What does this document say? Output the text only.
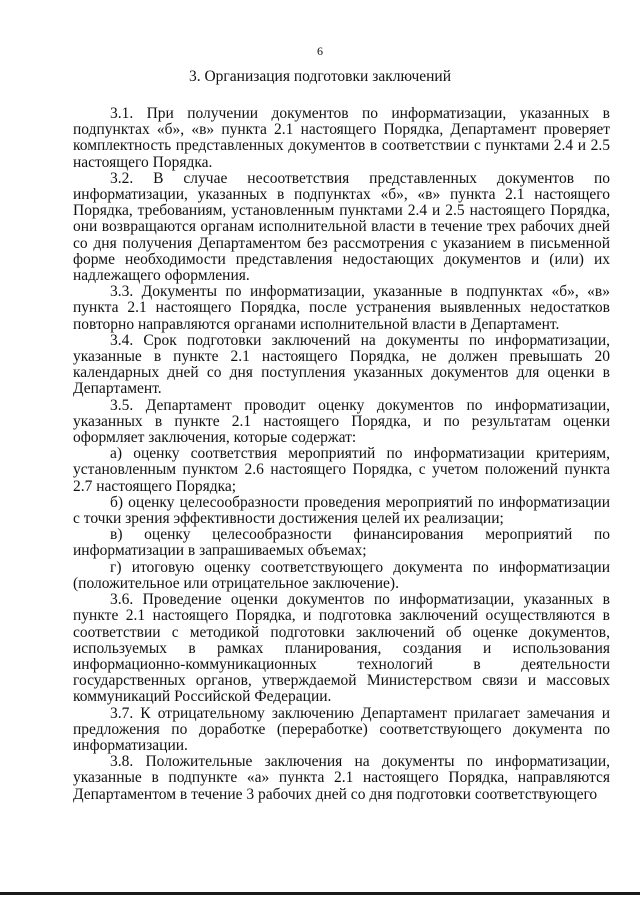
6
3. Организация подготовки заключений

3.1. При получении документов по информатизации, указанных в подпунктах «б», «в» пункта 2.1 настоящего Порядка, Департамент проверяет комплектность представленных документов в соответствии с пунктами 2.4 и 2.5 настоящего Порядка.

3.2. В случае несоответствия представленных документов по информатизации, указанных в подпунктах «б», «в» пункта 2.1 настоящего Порядка, требованиям, установленным пунктами 2.4 и 2.5 настоящего Порядка, они возвращаются органам исполнительной власти в течение трех рабочих дней со дня получения Департаментом без рассмотрения с указанием в письменной форме необходимости представления недостающих документов и (или) их надлежащего оформления.

3.3. Документы по информатизации, указанные в подпунктах «б», «в» пункта 2.1 настоящего Порядка, после устранения выявленных недостатков повторно направляются органами исполнительной власти в Департамент.

3.4. Срок подготовки заключений на документы по информатизации, указанные в пункте 2.1 настоящего Порядка, не должен превышать 20 календарных дней со дня поступления указанных документов для оценки в Департамент.

3.5. Департамент проводит оценку документов по информатизации, указанных в пункте 2.1 настоящего Порядка, и по результатам оценки оформляет заключения, которые содержат:

а) оценку соответствия мероприятий по информатизации критериям, установленным пунктом 2.6 настоящего Порядка, с учетом положений пункта 2.7 настоящего Порядка;

б) оценку целесообразности проведения мероприятий по информатизации с точки зрения эффективности достижения целей их реализации;

в) оценку целесообразности финансирования мероприятий по информатизации в запрашиваемых объемах;

г) итоговую оценку соответствующего документа по информатизации (положительное или отрицательное заключение).

3.6. Проведение оценки документов по информатизации, указанных в пункте 2.1 настоящего Порядка, и подготовка заключений осуществляются в соответствии с методикой подготовки заключений об оценке документов, используемых в рамках планирования, создания и использования информационно-коммуникационных технологий в деятельности государственных органов, утверждаемой Министерством связи и массовых коммуникаций Российской Федерации.

3.7. К отрицательному заключению Департамент прилагает замечания и предложения по доработке (переработке) соответствующего документа по информатизации.

3.8. Положительные заключения на документы по информатизации, указанные в подпункте «а» пункта 2.1 настоящего Порядка, направляются Департаментом в течение 3 рабочих дней со дня подготовки соответствующего
